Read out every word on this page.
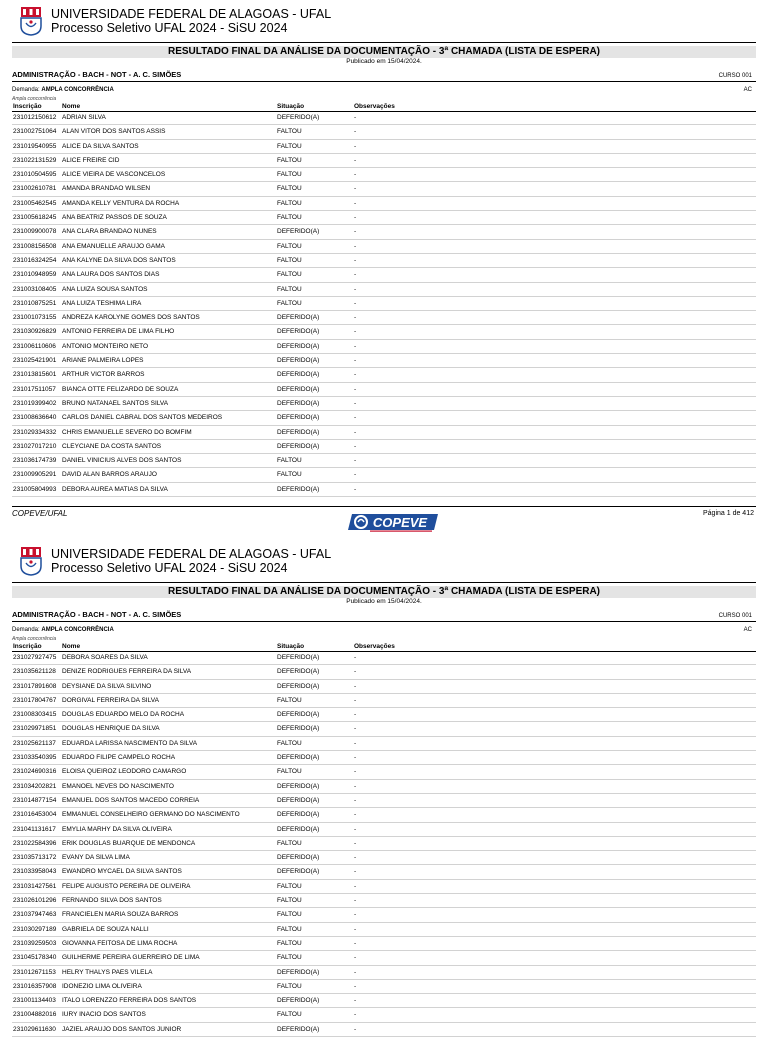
UNIVERSIDADE FEDERAL DE ALAGOAS - UFAL
Processo Seletivo UFAL 2024 - SiSU 2024
RESULTADO FINAL DA ANÁLISE DA DOCUMENTAÇÃO - 3ª CHAMADA (LISTA DE ESPERA)
Publicado em 15/04/2024.
ADMINISTRAÇÃO - BACH - NOT - A. C. SIMÕES	CURSO 001
Demanda: AMPLA CONCORRÊNCIA	AC
Ampla concorrência
Inscrição	Nome	Situação	Observações
231012150612 ADRIAN SILVA	DEFERIDO(A)	-
231002751064 ALAN VITOR DOS SANTOS ASSIS	FALTOU	-
231019540955 ALICE DA SILVA SANTOS	FALTOU	-
231022131529 ALICE FREIRE CID	FALTOU	-
231010504595 ALICE VIEIRA DE VASCONCELOS	FALTOU	-
231002610781 AMANDA BRANDAO WILSEN	FALTOU	-
231005462545 AMANDA KELLY VENTURA DA ROCHA	FALTOU	-
231005618245 ANA BEATRIZ PASSOS DE SOUZA	FALTOU	-
231009900078 ANA CLARA BRANDAO NUNES	DEFERIDO(A)	-
231008156508 ANA EMANUELLE ARAUJO GAMA	FALTOU	-
231016324254 ANA KALYNE DA SILVA DOS SANTOS	FALTOU	-
231010948959 ANA LAURA DOS SANTOS DIAS	FALTOU	-
231003108405 ANA LUIZA SOUSA SANTOS	FALTOU	-
231010875251 ANA LUIZA TESHIMA LIRA	FALTOU	-
231001073155 ANDREZA KAROLYNE GOMES DOS SANTOS	DEFERIDO(A)	-
231030926829 ANTONIO FERREIRA DE LIMA FILHO	DEFERIDO(A)	-
231006110606 ANTONIO MONTEIRO NETO	DEFERIDO(A)	-
231025421901 ARIANE PALMEIRA LOPES	DEFERIDO(A)	-
231013815601 ARTHUR VICTOR BARROS	DEFERIDO(A)	-
231017511057 BIANCA OTTE FELIZARDO DE SOUZA	DEFERIDO(A)	-
231019399402 BRUNO NATANAEL SANTOS SILVA	DEFERIDO(A)	-
231008636640 CARLOS DANIEL CABRAL DOS SANTOS MEDEIROS	DEFERIDO(A)	-
231029334332 CHRIS EMANUELLE SEVERO DO BOMFIM	DEFERIDO(A)	-
231027017210 CLEYCIANE DA COSTA SANTOS	DEFERIDO(A)	-
231036174739 DANIEL VINICIUS ALVES DOS SANTOS	FALTOU	-
231009905291 DAVID ALAN BARROS ARAUJO	FALTOU	-
231005804993 DEBORA AUREA MATIAS DA SILVA	DEFERIDO(A)	-
COPEVE/UFAL
COPEVE
Página 1 de 412
UNIVERSIDADE FEDERAL DE ALAGOAS - UFAL
Processo Seletivo UFAL 2024 - SiSU 2024
RESULTADO FINAL DA ANÁLISE DA DOCUMENTAÇÃO - 3ª CHAMADA (LISTA DE ESPERA)
Publicado em 15/04/2024.
ADMINISTRAÇÃO - BACH - NOT - A. C. SIMÕES	CURSO 001
Demanda: AMPLA CONCORRÊNCIA	AC
Ampla concorrência
Inscrição	Nome	Situação	Observações
231027927475 DEBORA SOARES DA SILVA	DEFERIDO(A)	-
231035621128 DENIZE RODRIGUES FERREIRA DA SILVA	DEFERIDO(A)	-
231017891608 DEYSIANE DA SILVA SILVINO	DEFERIDO(A)	-
231017804767 DORGIVAL FERREIRA DA SILVA	FALTOU	-
231008303415 DOUGLAS EDUARDO MELO DA ROCHA	DEFERIDO(A)	-
231029971851 DOUGLAS HENRIQUE DA SILVA	DEFERIDO(A)	-
231025621137 EDUARDA LARISSA NASCIMENTO DA SILVA	FALTOU	-
231033540395 EDUARDO FILIPE CAMPELO ROCHA	DEFERIDO(A)	-
231024690316 ELOISA QUEIROZ LEODORO CAMARGO	FALTOU	-
231034202821 EMANOEL NEVES DO NASCIMENTO	DEFERIDO(A)	-
231014877154 EMANUEL DOS SANTOS MACEDO CORREIA	DEFERIDO(A)	-
231016453004 EMMANUEL CONSELHEIRO GERMANO DO NASCIMENTO	DEFERIDO(A)	-
231041131617 EMYLIA MARHY DA SILVA OLIVEIRA	DEFERIDO(A)	-
231022584396 ERIK DOUGLAS BUARQUE DE MENDONCA	FALTOU	-
231035713172 EVANY DA SILVA LIMA	DEFERIDO(A)	-
231033958043 EWANDRO MYCAEL DA SILVA SANTOS	DEFERIDO(A)	-
231031427561 FELIPE AUGUSTO PEREIRA DE OLIVEIRA	FALTOU	-
231026101296 FERNANDO SILVA DOS SANTOS	FALTOU	-
231037947463 FRANCIELEN MARIA SOUZA BARROS	FALTOU	-
231030297189 GABRIELA DE SOUZA NALLI	FALTOU	-
231039259503 GIOVANNA FEITOSA DE LIMA ROCHA	FALTOU	-
231045178340 GUILHERME PEREIRA GUERREIRO DE LIMA	FALTOU	-
231012671153 HELRY THALYS PAES VILELA	DEFERIDO(A)	-
231016357908 IDONEZIO LIMA OLIVEIRA	FALTOU	-
231001134403 ITALO LORENZZO FERREIRA DOS SANTOS	DEFERIDO(A)	-
231004882016 IURY INACIO DOS SANTOS	FALTOU	-
231029611630 JAZIEL ARAUJO DOS SANTOS JUNIOR	DEFERIDO(A)	-
